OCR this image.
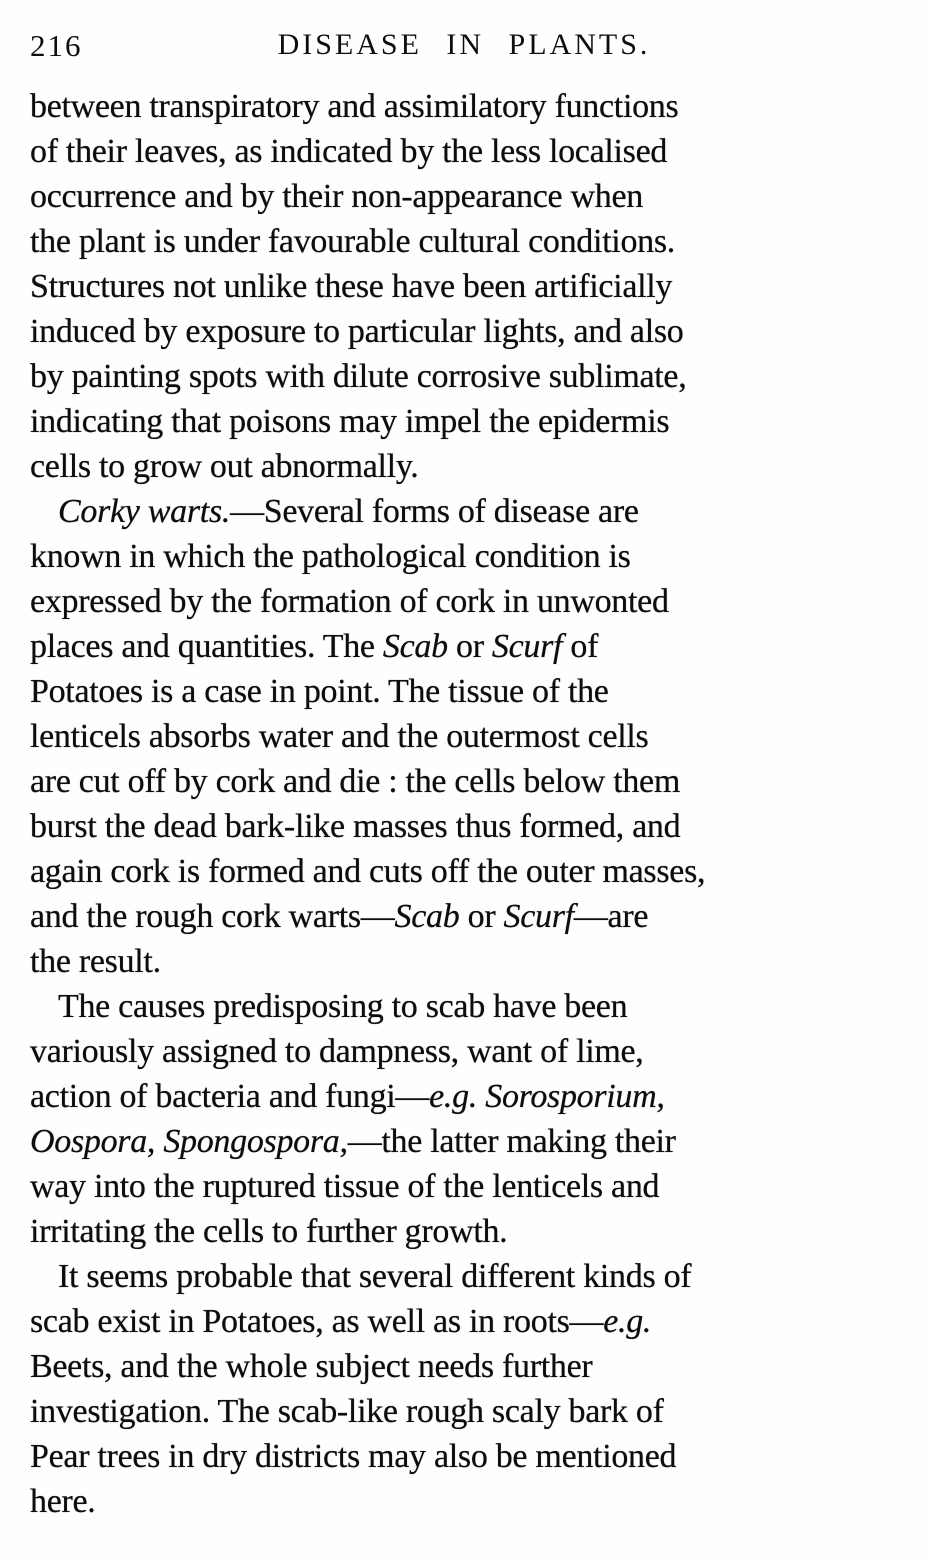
216	DISEASE IN PLANTS.
between transpiratory and assimilatory functions
of their leaves, as indicated by the less localised
occurrence and by their non-appearance when
the plant is under favourable cultural conditions.
Structures not unlike these have been artificially
induced by exposure to particular lights, and also
by painting spots with dilute corrosive sublimate,
indicating that poisons may impel the epidermis
cells to grow out abnormally.
Corky warts.—Several forms of disease are
known in which the pathological condition is
expressed by the formation of cork in unwonted
places and quantities. The Scab or Scurf of
Potatoes is a case in point. The tissue of the
lenticels absorbs water and the outermost cells
are cut off by cork and die : the cells below them
burst the dead bark-like masses thus formed, and
again cork is formed and cuts off the outer masses,
and the rough cork warts—Scab or Scurf—are
the result.
The causes predisposing to scab have been
variously assigned to dampness, want of lime,
action of bacteria and fungi—e.g. Sorosporium,
Oospora, Spongospora,—the latter making their
way into the ruptured tissue of the lenticels and
irritating the cells to further growth.
It seems probable that several different kinds of
scab exist in Potatoes, as well as in roots—e.g.
Beets, and the whole subject needs further
investigation. The scab-like rough scaly bark of
Pear trees in dry districts may also be mentioned
here.
